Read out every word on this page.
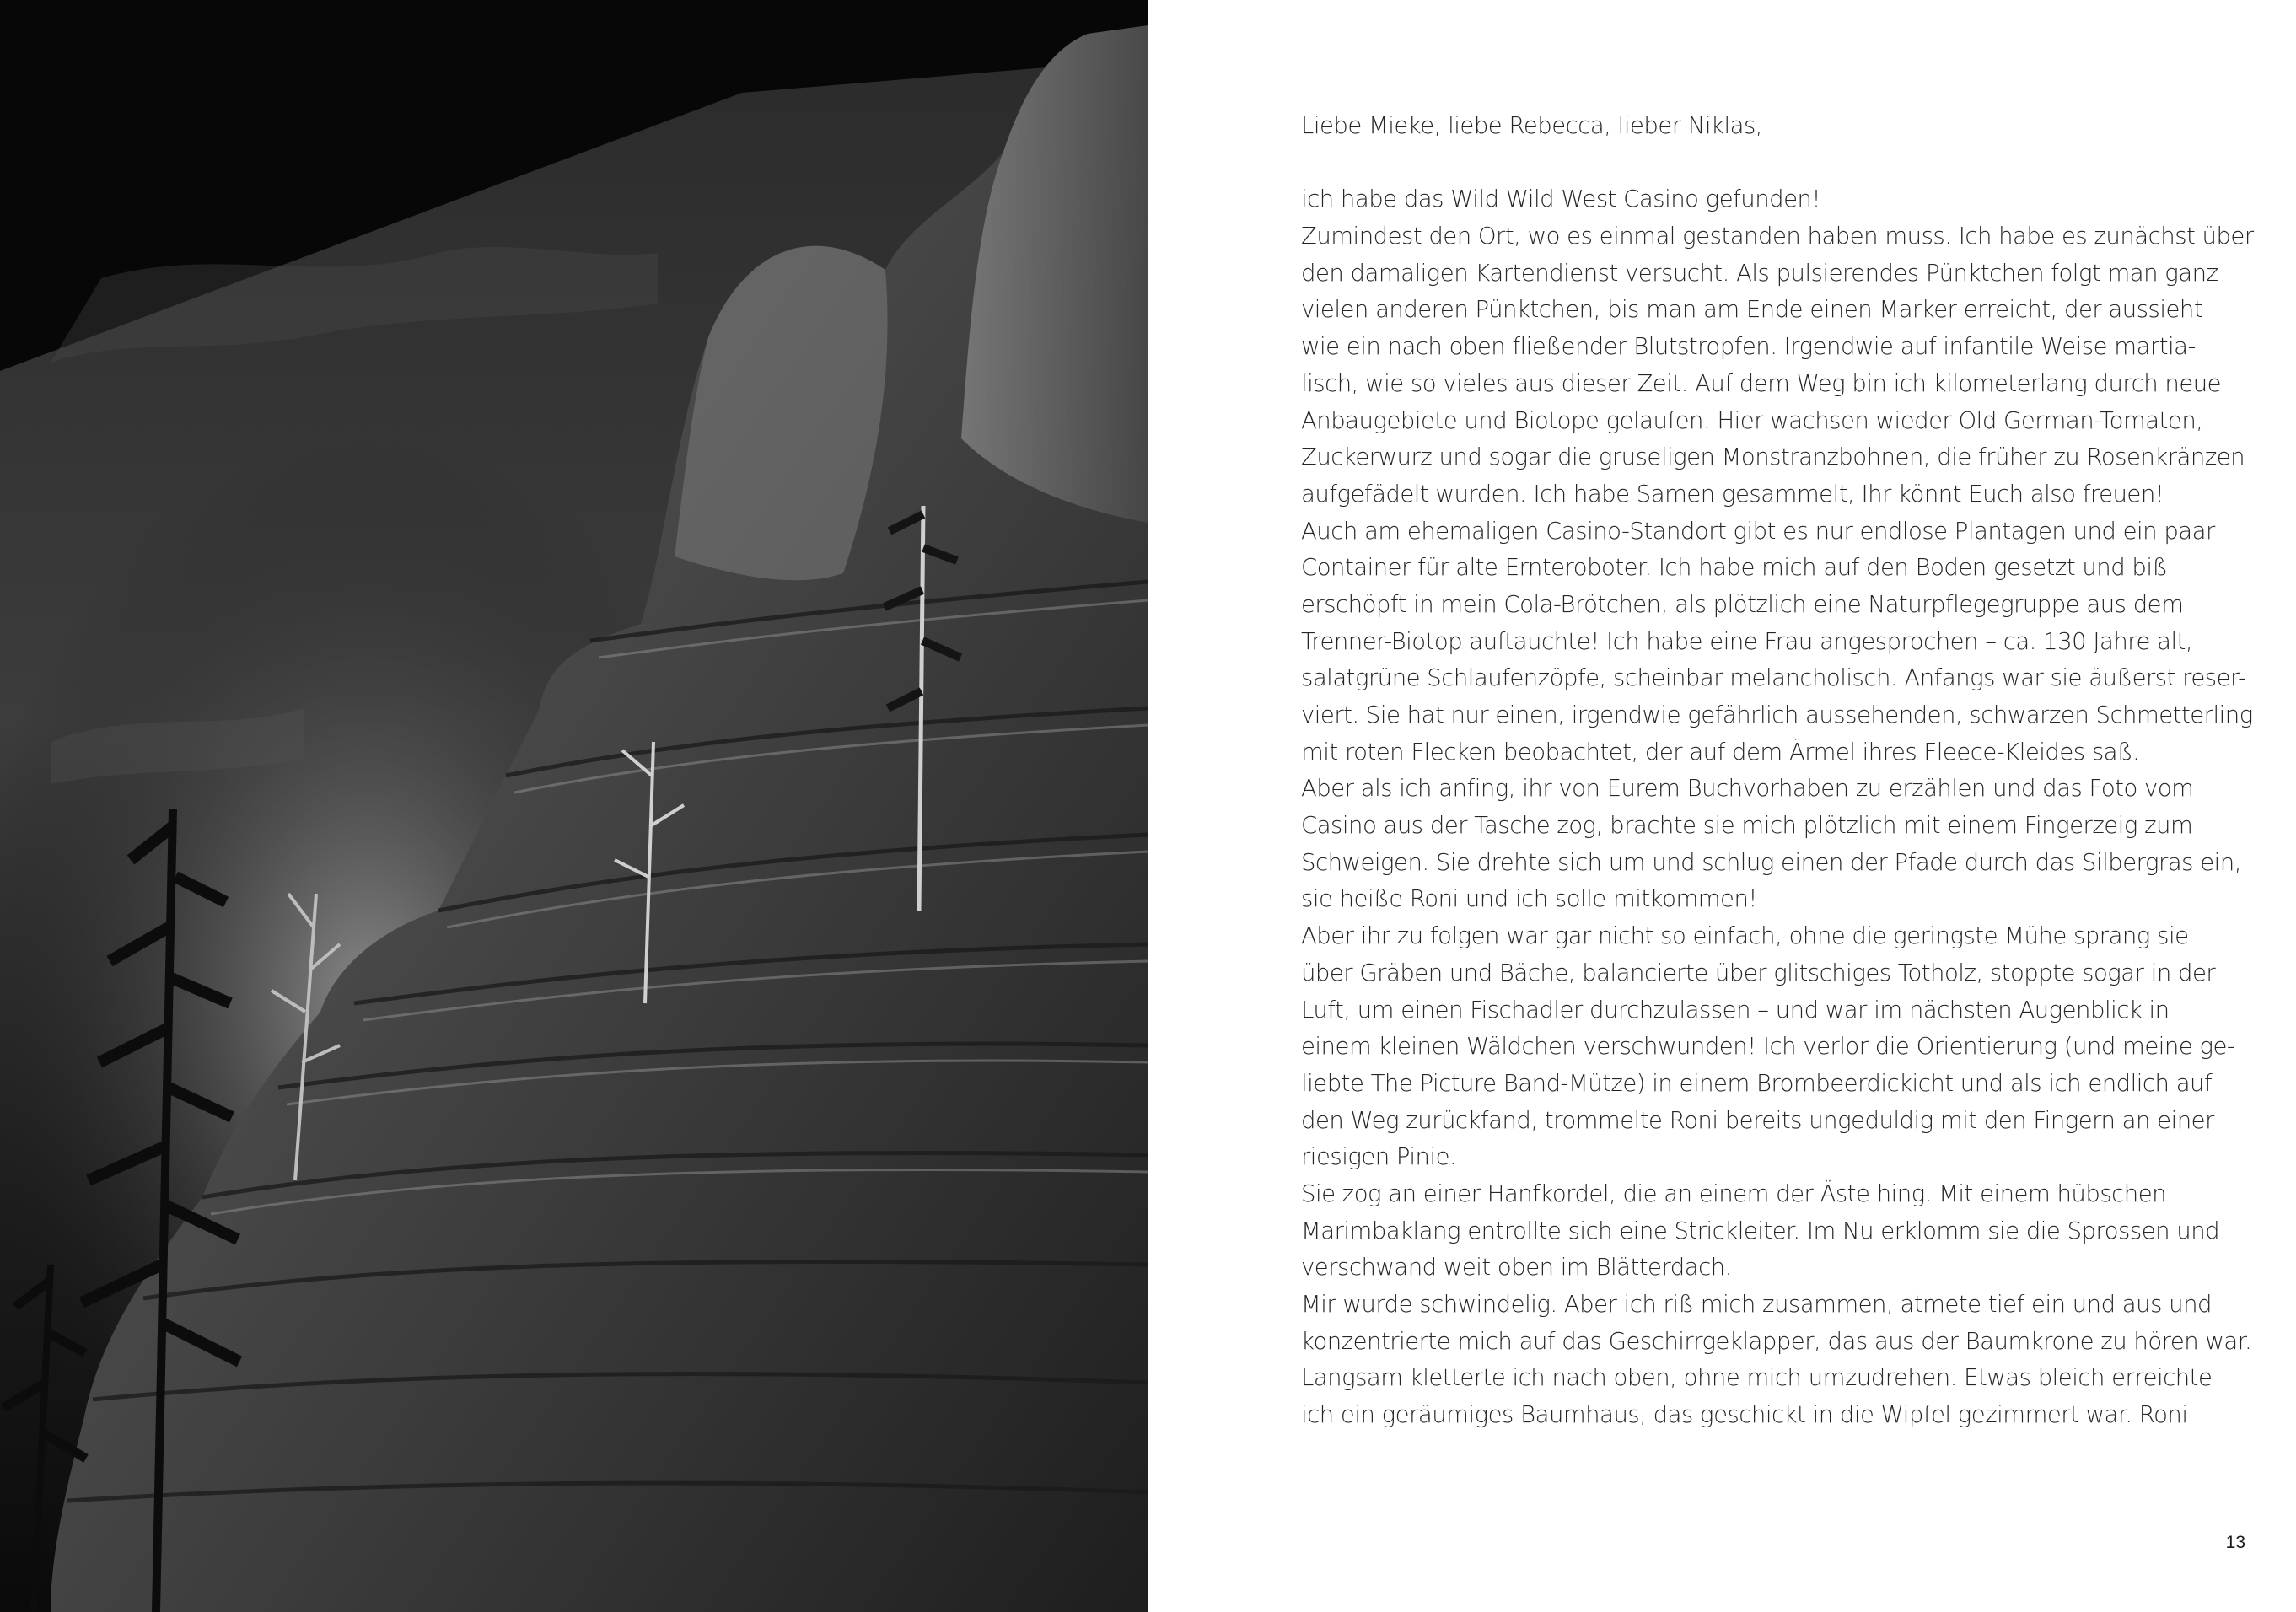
Liebe Mieke, liebe Rebecca, lieber Niklas,

ich habe das Wild Wild West Casino gefunden!

Zumindest den Ort, wo es einmal gestanden haben muss. Ich habe es zunächst über

den damaligen Kartendienst versucht. Als pulsierendes Pünktchen folgt man ganz

vielen anderen Pünktchen, bis man am Ende einen Marker erreicht, der aussieht

wie ein nach oben fließender Blutstropfen. Irgendwie auf infantile Weise martia-

lisch, wie so vieles aus dieser Zeit. Auf dem Weg bin ich kilometerlang durch neue

Anbaugebiete und Biotope gelaufen. Hier wachsen wieder Old German-Tomaten,

Zuckerwurz und sogar die gruseligen Monstranzbohnen, die früher zu Rosenkränzen

aufgefädelt wurden. Ich habe Samen gesammelt, Ihr könnt Euch also freuen!

Auch am ehemaligen Casino-Standort gibt es nur endlose Plantagen und ein paar

Container für alte Ernteroboter. Ich habe mich auf den Boden gesetzt und biß

erschöpft in mein Cola-Brötchen, als plötzlich eine Naturpflegegruppe aus dem

Trenner-Biotop auftauchte! Ich habe eine Frau angesprochen – ca. 130 Jahre alt,

salatgrüne Schlaufenzöpfe, scheinbar melancholisch. Anfangs war sie äußerst reser-

viert. Sie hat nur einen, irgendwie gefährlich aussehenden, schwarzen Schmetterling

mit roten Flecken beobachtet, der auf dem Ärmel ihres Fleece-Kleides saß.

Aber als ich anfing, ihr von Eurem Buchvorhaben zu erzählen und das Foto vom

Casino aus der Tasche zog, brachte sie mich plötzlich mit einem Fingerzeig zum

Schweigen. Sie drehte sich um und schlug einen der Pfade durch das Silbergras ein,

sie heiße Roni und ich solle mitkommen!

Aber ihr zu folgen war gar nicht so einfach, ohne die geringste Mühe sprang sie

über Gräben und Bäche, balancierte über glitschiges Totholz, stoppte sogar in der

Luft, um einen Fischadler durchzulassen – und war im nächsten Augenblick in

einem kleinen Wäldchen verschwunden! Ich verlor die Orientierung (und meine ge-

liebte The Picture Band-Mütze) in einem Brombeerdickicht und als ich endlich auf

den Weg zurückfand, trommelte Roni bereits ungeduldig mit den Fingern an einer

riesigen Pinie.

Sie zog an einer Hanfkordel, die an einem der Äste hing. Mit einem hübschen

Marimbaklang entrollte sich eine Strickleiter. Im Nu erklomm sie die Sprossen und

verschwand weit oben im Blätterdach.

Mir wurde schwindelig. Aber ich riß mich zusammen, atmete tief ein und aus und

konzentrierte mich auf das Geschirrgeklapper, das aus der Baumkrone zu hören war.

Langsam kletterte ich nach oben, ohne mich umzudrehen. Etwas bleich erreichte

ich ein geräumiges Baumhaus, das geschickt in die Wipfel gezimmert war. Roni

13
